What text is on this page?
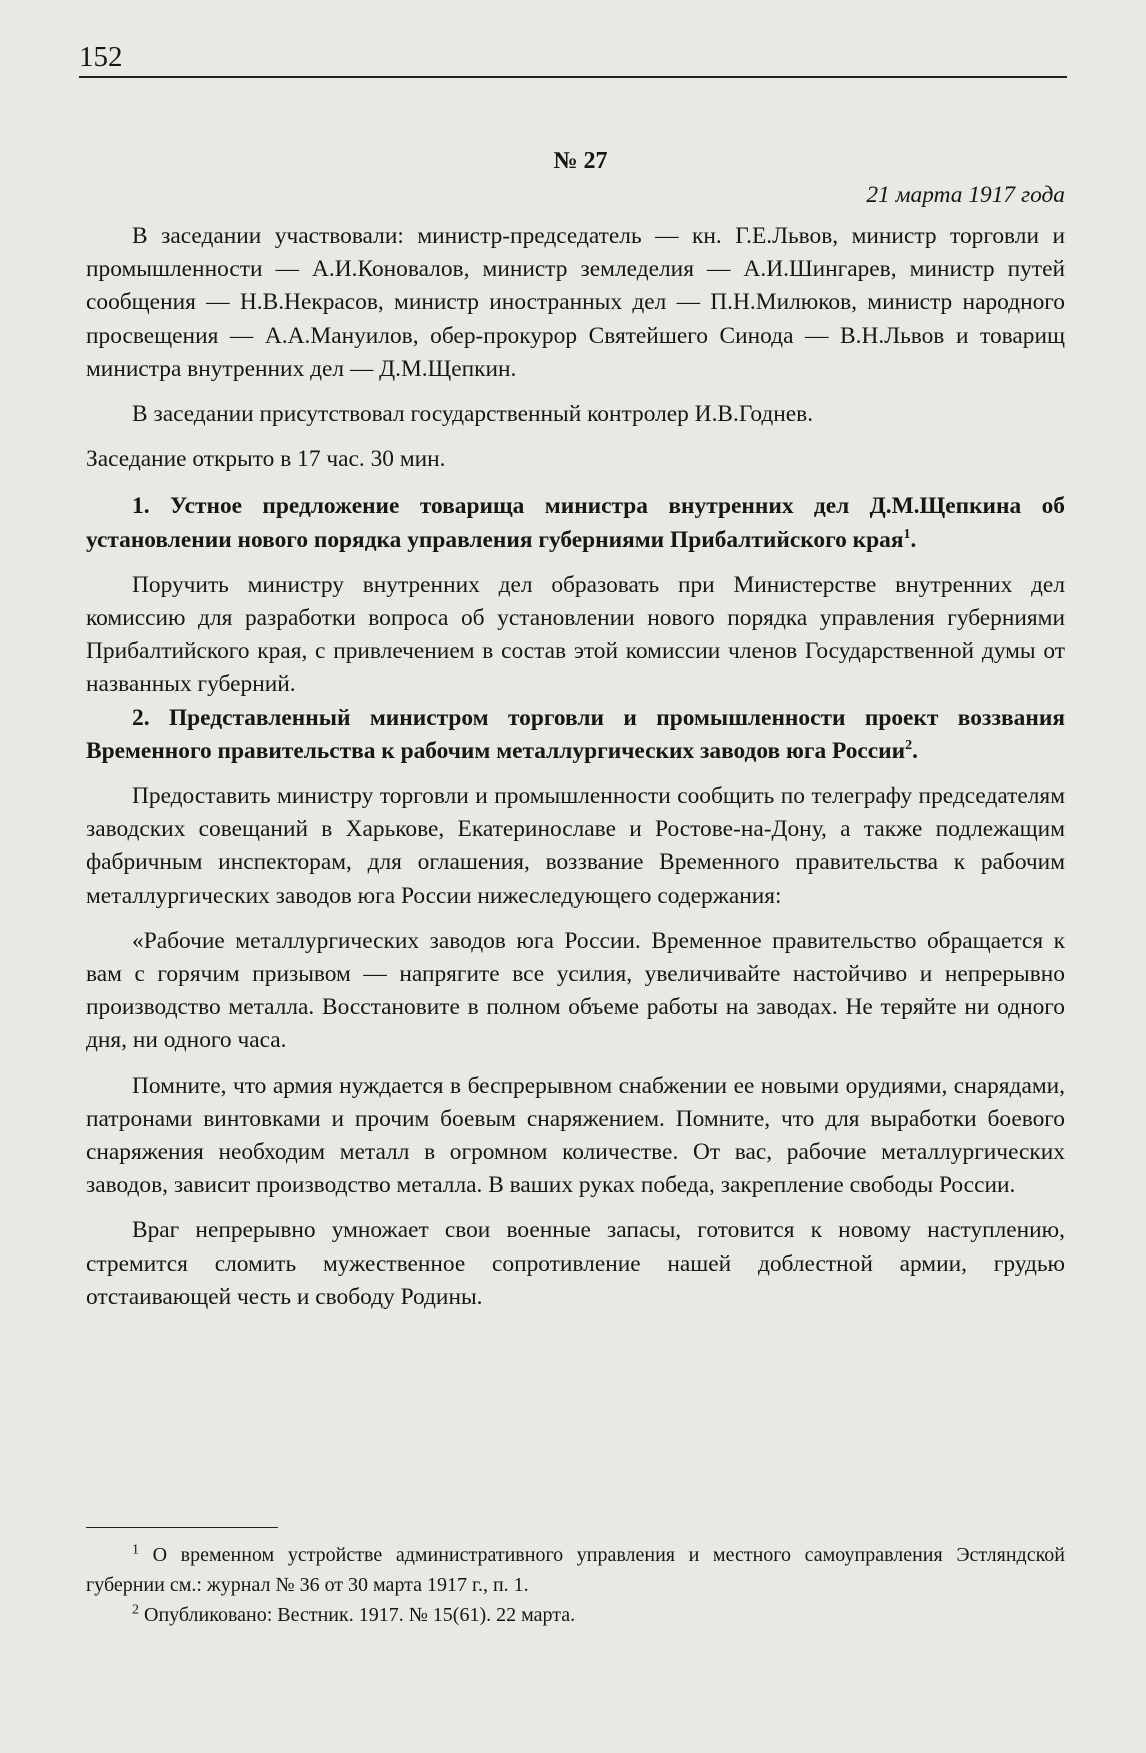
152
№ 27
21 марта 1917 года

В заседании участвовали: министр-председатель — кн. Г.Е.Львов, министр торговли и промышленности — А.И.Коновалов, министр земледелия — А.И.Шингарев, министр путей сообщения — Н.В.Некрасов, министр иностранных дел — П.Н.Милюков, министр народного просвещения — А.А.Мануилов, обер-прокурор Святейшего Синода — В.Н.Львов и товарищ министра внутренних дел — Д.М.Щепкин.

В заседании присутствовал государственный контролер И.В.Годнев.

Заседание открыто в 17 час. 30 мин.

1. Устное предложение товарища министра внутренних дел Д.М.Щепкина об установлении нового порядка управления губерниями Прибалтийского края$^1$.

Поручить министру внутренних дел образовать при Министерстве внутренних дел комиссию для разработки вопроса об установлении нового порядка управления губерниями Прибалтийского края, с привлечением в состав этой комиссии членов Государственной думы от названных губерний.

2. Представленный министром торговли и промышленности проект воззвания Временного правительства к рабочим металлургических заводов юга России$^2$.

Предоставить министру торговли и промышленности сообщить по телеграфу председателям заводских совещаний в Харькове, Екатеринославе и Ростове-на-Дону, а также подлежащим фабричным инспекторам, для оглашения, воззвание Временного правительства к рабочим металлургических заводов юга России нижеследующего содержания:

«Рабочие металлургических заводов юга России. Временное правительство обращается к вам с горячим призывом — напрягите все усилия, увеличивайте настойчиво и непрерывно производство металла. Восстановите в полном объеме работы на заводах. Не теряйте ни одного дня, ни одного часа.

Помните, что армия нуждается в беспрерывном снабжении ее новыми орудиями, снарядами, патронами винтовками и прочим боевым снаряжением. Помните, что для выработки боевого снаряжения необходим металл в огромном количестве. От вас, рабочие металлургических заводов, зависит производство металла. В ваших руках победа, закрепление свободы России.

Враг непрерывно умножает свои военные запасы, готовится к новому наступлению, стремится сломить мужественное сопротивление нашей доблестной армии, грудью отстаивающей честь и свободу Родины.

$^1$ О временном устройстве административного управления и местного самоуправления Эстляндской губернии см.: журнал № 36 от 30 марта 1917 г., п. 1.

$^2$ Опубликовано: Вестник. 1917. № 15(61). 22 марта.
